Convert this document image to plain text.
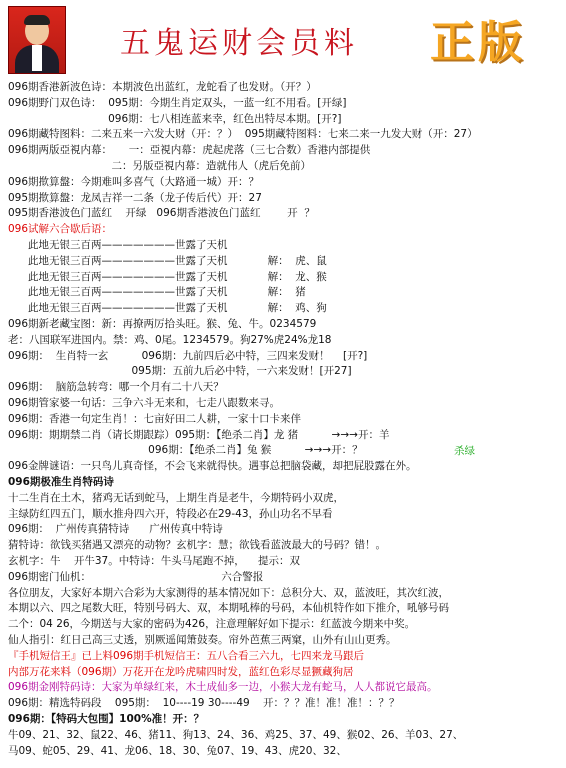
五鬼运财会员料 正版
096期香港新波色诗：本期波色出蓝红，龙蛇看了也发财。（开？）
096期野门双色诗：  095期：今期生肖定双头，一蓝一红不用看。[开绿]
096期：七八相连蓝来幸，红色出特尽本期。[开?]
096期藏特图料：二来五来一六发大财（开：？）  095期藏特图料：七来二来一九发大财（开：27）
096期两版亞視内幕：     一：亞視内幕：虎起虎落（三七合数）香港内部提供
二：另版亞視内幕：造就伟人（虎后免前）
096期揿算盤：今期难叫多喜气（大路通一城）开：？
095期揿算盤：龙凤吉祥一二条（龙子传后代）开：27
095期香港波色门蓝红    开绿   096期香港波色门蓝红        开  ？
096试解六合歇后语：
此地无银三百两———————世露了天机
此地无银三百两———————世露了天机            解：  虎、鼠
此地无银三百两———————世露了天机            解：  龙、猴
此地无银三百两———————世露了天机            解：  猪
此地无银三百两———————世露了天机            解：  鸡、狗
096期新老藏宝图：新：再撩两厉拾头旺。猴、兔、牛。0234579
老：八国联军进国内。禁：鸡、0尾。1234579。狗27%虎24%龙18
096期：  生肖特一玄          096期：九前四后必中特，三四来发财！    [开?]
095期：五前九后必中特，一六来发财！[开27]
096期：  脑筋急转弯：哪一个月有二十八天？
096期管家婆一句话：三争六斗无来和，七走八跟数来寻。
096期：香港一句定生肖！：七亩好田二人耕，一家十口卡来伴
096期：期期禁二肖（请长期跟踪）095期：【绝杀二肖】龙 猪          →→→开：羊
096期：【绝杀二肖】兔 猴          →→→开：？
096金牌谜语：一只鸟儿真奇怪，不会飞来就得快。遇事总把脑袋藏，却把屁股露在外。
096期极准生肖特码诗
十二生肖在土木，猪鸡无话到蛇马，上期生肖是老牛，今期特码小双虎，
主绿防红四五门，顺水推舟四六开，特段必在29-43，孙山功名不早看
096期：  广州传真猜特诗      广州传真中特诗
猜特诗：欲钱买猪遇又漂亮的动物？玄机字：慧；欲钱看蓝波最大的号码？错！。
玄机字：牛    开牛37。中特诗：牛头马尾跑不掉，    提示：双
096期密门仙机：                                       六合警报
各位朋友，大家好本期六合彩为大家测得的基本情况如下：总积分大、双，蓝波旺，其次红波，
本期以六、四之尾数大旺，特别号码大、双，本期吼棒的号码，本仙机特作如下推介，吼够号码
二个：04 26，今期送与大家的密码为426，注意理解好如下提示：红蓝波今期来中奖。
仙人指引：红日己高三丈透，别厥遥闻箫鼓奏。帘外芭蕉三两窠，山外有山山更秀。
『手机短信王』已上料096期手机短信王：五八合看三六九，七四来龙马跟后
内部万花来料（096期）万花开在龙吟虎啸四时发，蓝红色彩尽显獗藏狗居
096期金刚特码诗：大家为单绿红来，木土成仙多一边，小猴大龙有蛇马，人人都说它最高。
096期：精选特码段    095期：  10----19 30----49    开：？？准！准！准！：？？
096期：【特码大包围】100%准！开：？
牛09、21、32、鼠22、46、猪11、狗13、24、36、鸡25、37、49、猴02、26、羊03、27、
马09、蛇05、29、41、龙06、18、30、兔07、19、43、虎20、32、
杀绿
